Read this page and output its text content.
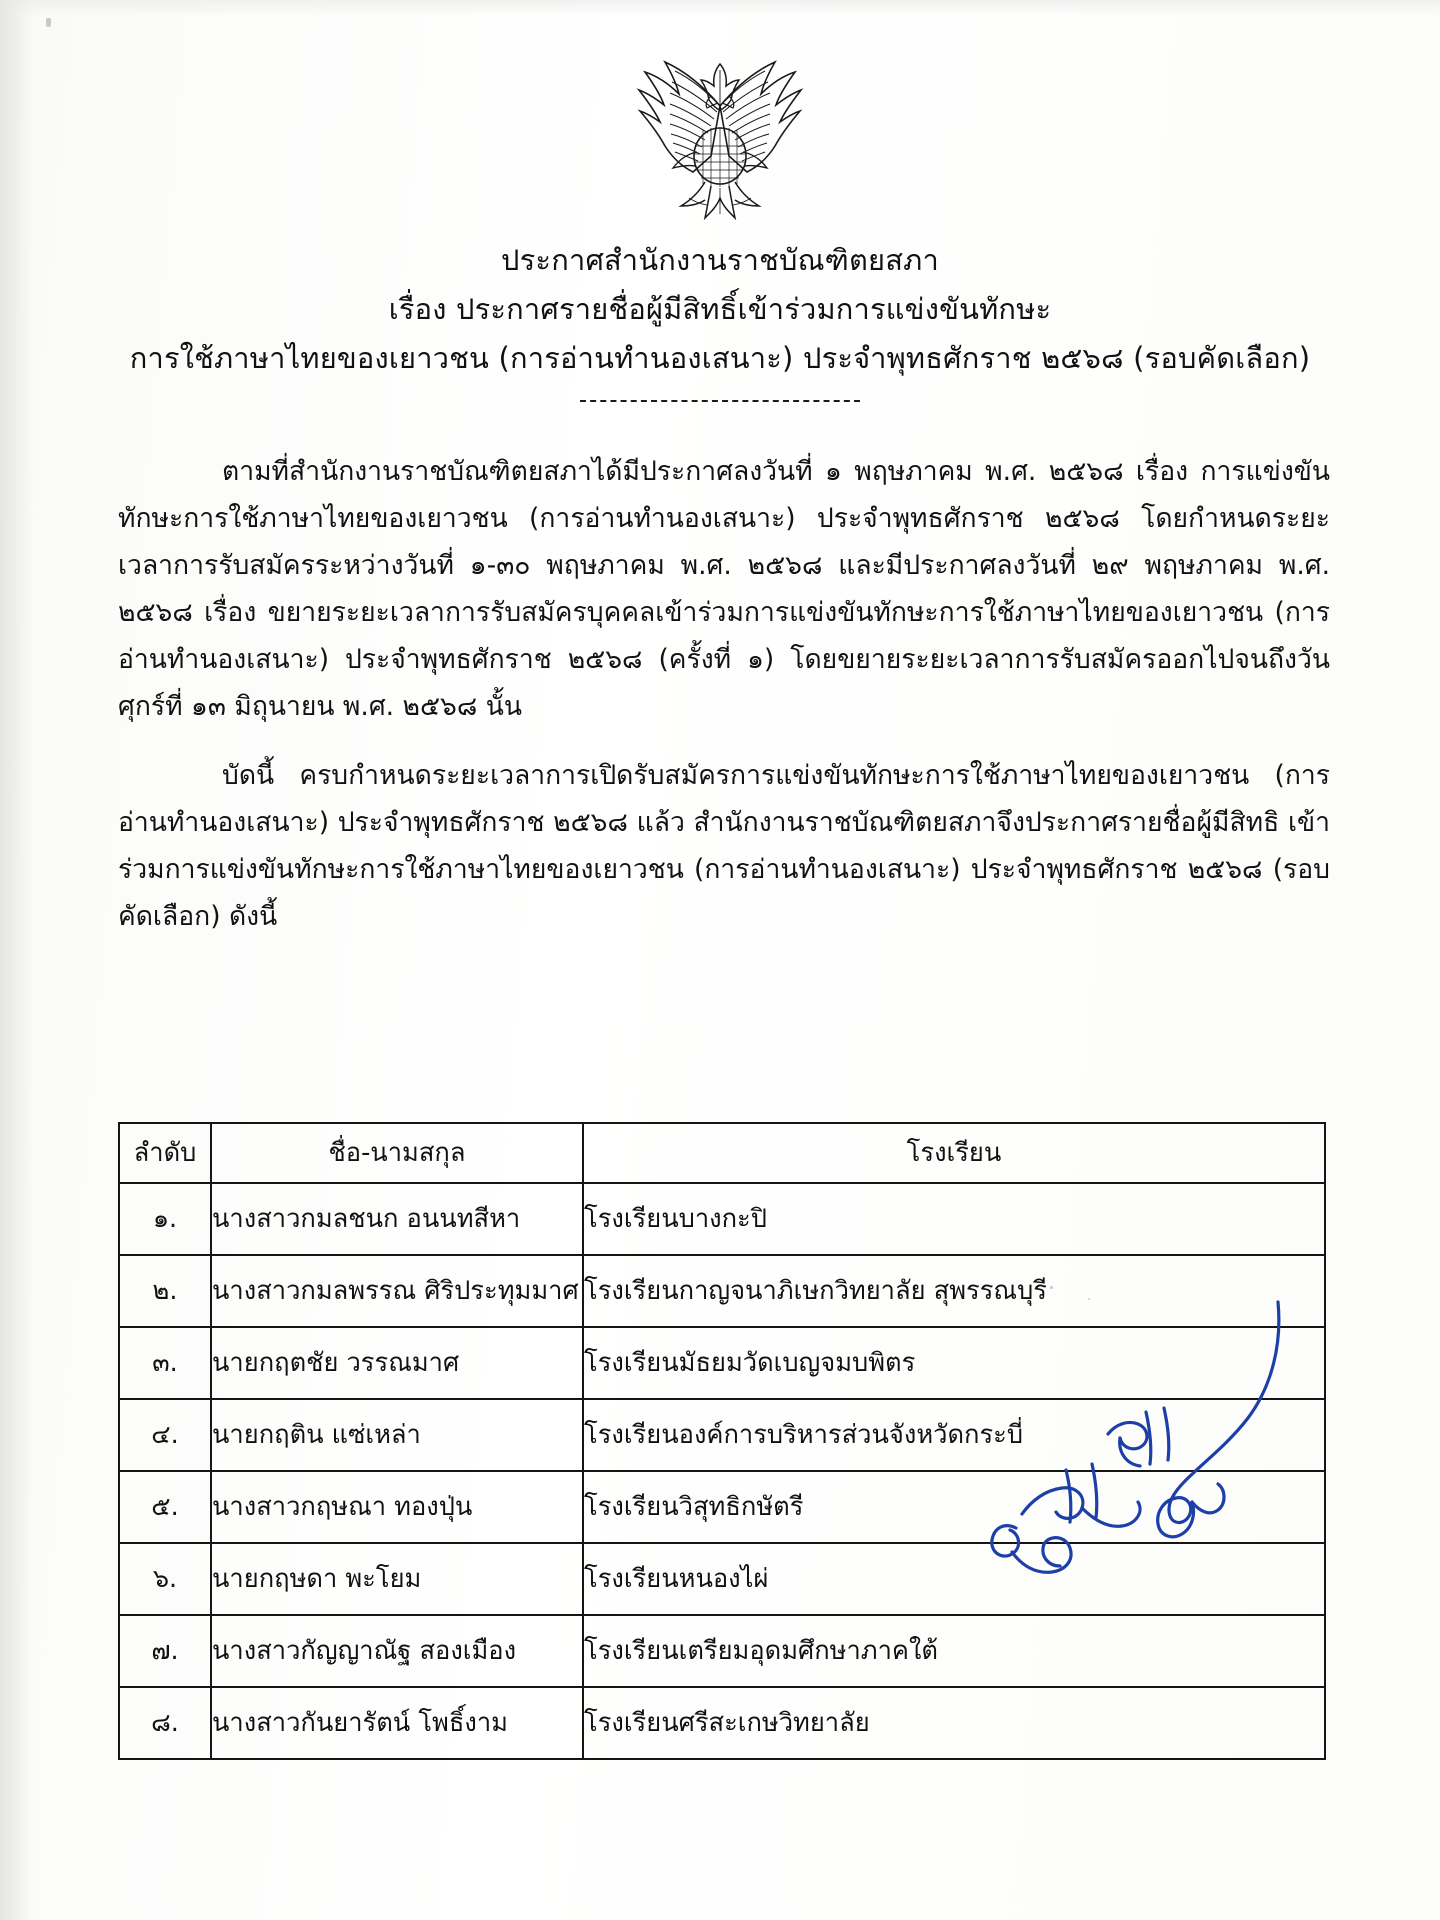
ประกาศสำนักงานราชบัณฑิตยสภา
เรื่อง ประกาศรายชื่อผู้มีสิทธิ์เข้าร่วมการแข่งขันทักษะ
การใช้ภาษาไทยของเยาวชน (การอ่านทำนองเสนาะ) ประจำพุทธศักราช ๒๕๖๘ (รอบคัดเลือก)

ตามที่สำนักงานราชบัณฑิตยสภาได้มีประกาศลงวันที่ ๑ พฤษภาคม พ.ศ. ๒๕๖๘ เรื่อง การแข่งขันทักษะการใช้ภาษาไทยของเยาวชน (การอ่านทำนองเสนาะ) ประจำพุทธศักราช ๒๕๖๘ โดยกำหนดระยะเวลาการรับสมัครระหว่างวันที่ ๑-๓๐ พฤษภาคม พ.ศ. ๒๕๖๘ และมีประกาศลงวันที่ ๒๙ พฤษภาคม พ.ศ. ๒๕๖๘ เรื่อง ขยายระยะเวลาการรับสมัครบุคคลเข้าร่วมการแข่งขันทักษะการใช้ภาษาไทยของเยาวชน (การอ่านทำนองเสนาะ) ประจำพุทธศักราช ๒๕๖๘ (ครั้งที่ ๑) โดยขยายระยะเวลาการรับสมัครออกไปจนถึงวันศุกร์ที่ ๑๓ มิถุนายน พ.ศ. ๒๕๖๘ นั้น

บัดนี้ ครบกำหนดระยะเวลาการเปิดรับสมัครการแข่งขันทักษะการใช้ภาษาไทยของเยาวชน (การอ่านทำนองเสนาะ) ประจำพุทธศักราช ๒๕๖๘ แล้ว สำนักงานราชบัณฑิตยสภาจึงประกาศรายชื่อผู้มีสิทธิ เข้าร่วมการแข่งขันทักษะการใช้ภาษาไทยของเยาวชน (การอ่านทำนองเสนาะ) ประจำพุทธศักราช ๒๕๖๘ (รอบคัดเลือก) ดังนี้

ลำดับ	ชื่อ-นามสกุล	โรงเรียน
๑.	นางสาวกมลชนก อนนทสีหา	โรงเรียนบางกะปิ
๒.	นางสาวกมลพรรณ ศิริประทุมมาศ	โรงเรียนกาญจนาภิเษกวิทยาลัย สุพรรณบุรี
๓.	นายกฤตชัย วรรณมาศ	โรงเรียนมัธยมวัดเบญจมบพิตร
๔.	นายกฤติน แซ่เหล่า	โรงเรียนองค์การบริหารส่วนจังหวัดกระบี่
๕.	นางสาวกฤษณา ทองปุ่น	โรงเรียนวิสุทธิกษัตรี
๖.	นายกฤษดา พะโยม	โรงเรียนหนองไผ่
๗.	นางสาวกัญญาณัฐ สองเมือง	โรงเรียนเตรียมอุดมศึกษาภาคใต้
๘.	นางสาวกันยารัตน์ โพธิ์งาม	โรงเรียนศรีสะเกษวิทยาลัย
